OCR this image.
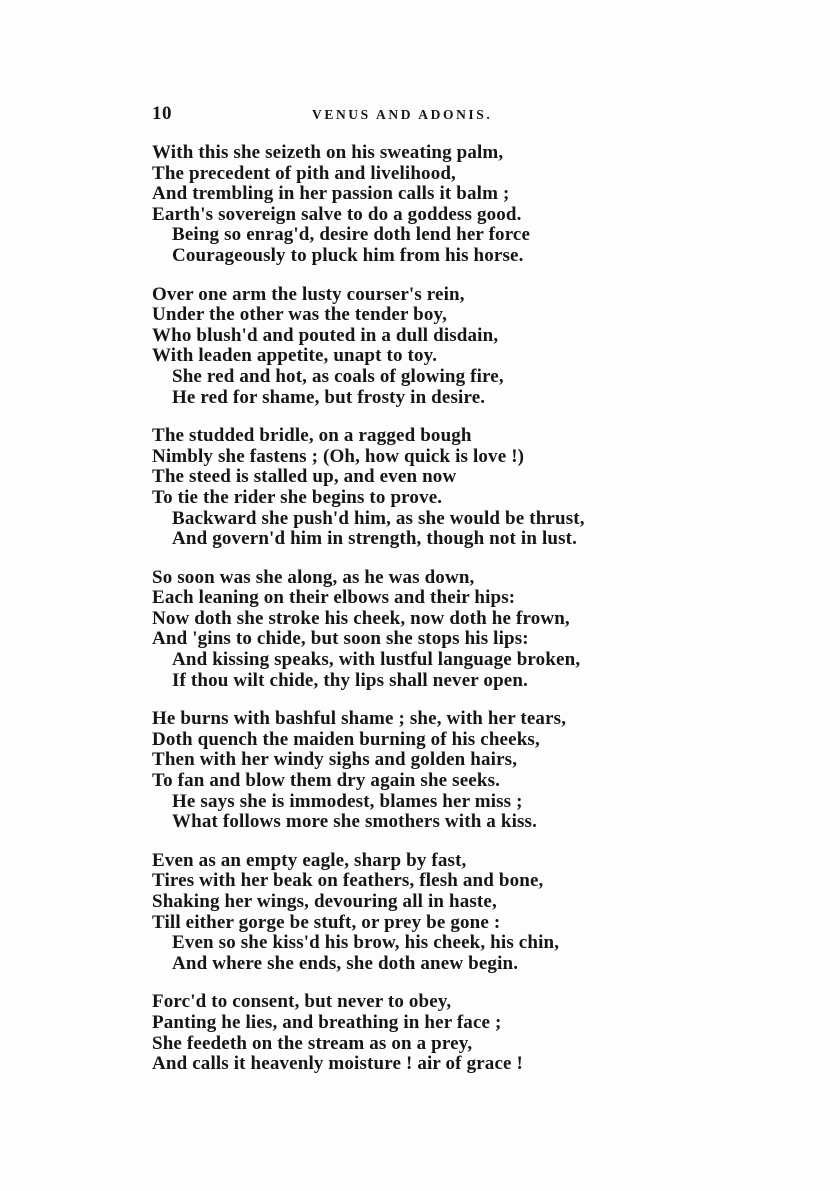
10	VENUS AND ADONIS.
With this she seizeth on his sweating palm,
The precedent of pith and livelihood,
And trembling in her passion calls it balm ;
Earth's sovereign salve to do a goddess good.
Being so enrag'd, desire doth lend her force
Courageously to pluck him from his horse.
Over one arm the lusty courser's rein,
Under the other was the tender boy,
Who blush'd and pouted in a dull disdain,
With leaden appetite, unapt to toy.
She red and hot, as coals of glowing fire,
He red for shame, but frosty in desire.
The studded bridle, on a ragged bough
Nimbly she fastens ; (Oh, how quick is love !)
The steed is stalled up, and even now
To tie the rider she begins to prove.
Backward she push'd him, as she would be thrust,
And govern'd him in strength, though not in lust.
So soon was she along, as he was down,
Each leaning on their elbows and their hips:
Now doth she stroke his cheek, now doth he frown,
And 'gins to chide, but soon she stops his lips:
And kissing speaks, with lustful language broken,
If thou wilt chide, thy lips shall never open.
He burns with bashful shame ; she, with her tears,
Doth quench the maiden burning of his cheeks,
Then with her windy sighs and golden hairs,
To fan and blow them dry again she seeks.
He says she is immodest, blames her miss ;
What follows more she smothers with a kiss.
Even as an empty eagle, sharp by fast,
Tires with her beak on feathers, flesh and bone,
Shaking her wings, devouring all in haste,
Till either gorge be stuft, or prey be gone :
Even so she kiss'd his brow, his cheek, his chin,
And where she ends, she doth anew begin.
Forc'd to consent, but never to obey,
Panting he lies, and breathing in her face ;
She feedeth on the stream as on a prey,
And calls it heavenly moisture ! air of grace !
